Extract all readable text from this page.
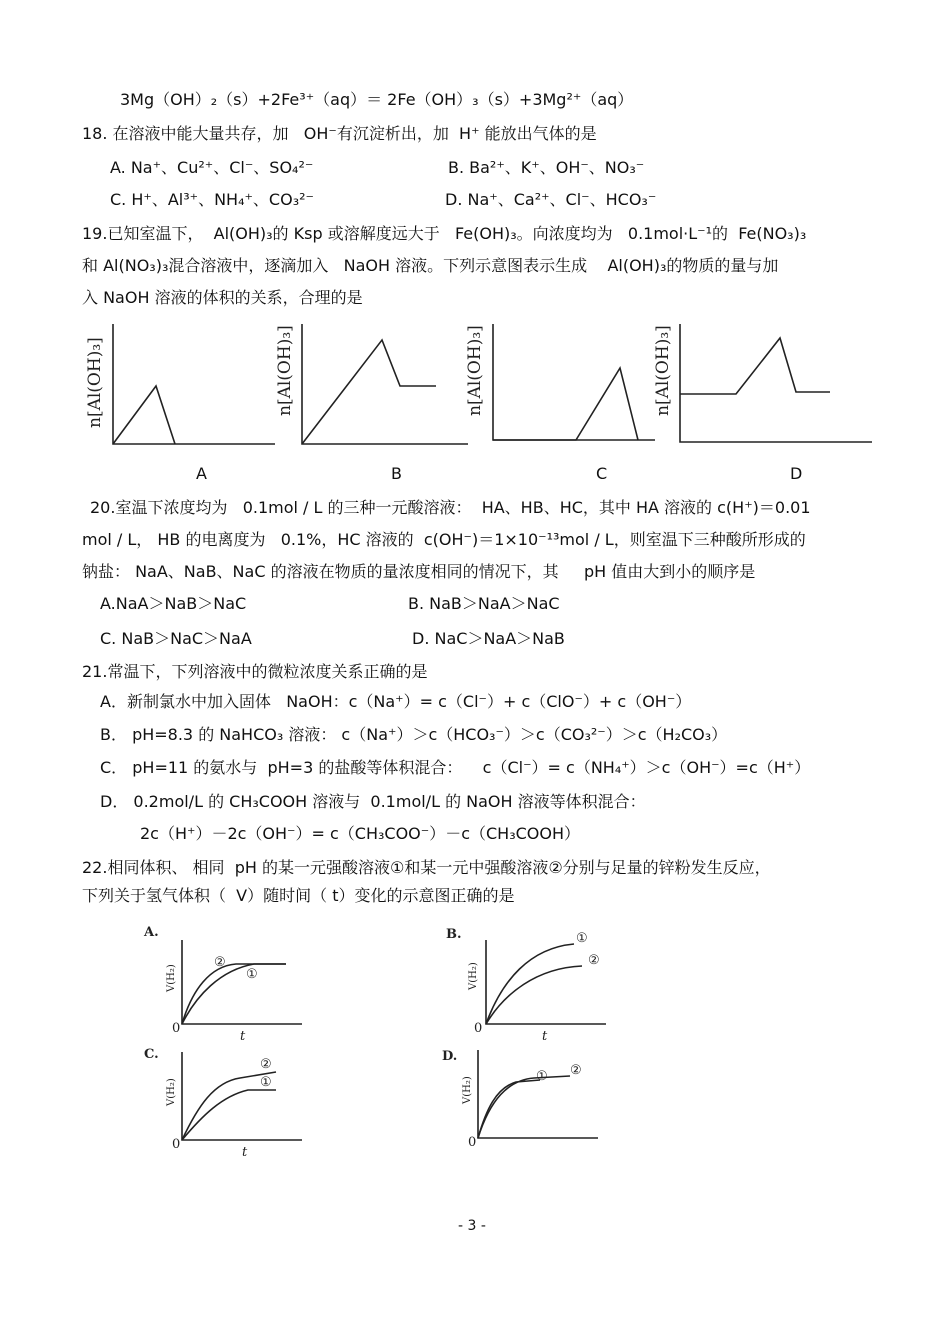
3Mg（OH）₂（s）+2Fe³⁺（aq）＝ 2Fe（OH）₃（s）+3Mg²⁺（aq）
18. 在溶液中能大量共存，加   OH⁻有沉淀析出，加  H⁺ 能放出气体的是
A. Na⁺、Cu²⁺、Cl⁻、SO₄²⁻	B. Ba²⁺、K⁺、OH⁻、NO₃⁻
C. H⁺、Al³⁺、NH₄⁺、CO₃²⁻	D. Na⁺、Ca²⁺、Cl⁻、HCO₃⁻
19.已知室温下，  Al(OH)₃的 Ksp 或溶解度远大于   Fe(OH)₃。向浓度均为   0.1mol·L⁻¹的  Fe(NO₃)₃
和 Al(NO₃)₃混合溶液中，逐滴加入   NaOH 溶液。下列示意图表示生成    Al(OH)₃的物质的量与加
入 NaOH 溶液的体积的关系，合理的是
n[Al(OH)₃]	n[Al(OH)₃]	n[Al(OH)₃]	n[Al(OH)₃]
A	B	C	D
20.室温下浓度均为   0.1mol / L 的三种一元酸溶液：  HA、HB、HC，其中 HA 溶液的 c(H⁺)＝0.01
mol / L， HB 的电离度为   0.1%，HC 溶液的  c(OH⁻)＝1×10⁻¹³mol / L，则室温下三种酸所形成的
钠盐： NaA、NaB、NaC 的溶液在物质的量浓度相同的情况下，其     pH 值由大到小的顺序是
A.NaA＞NaB＞NaC	B. NaB＞NaA＞NaC
C. NaB＞NaC＞NaA	D. NaC＞NaA＞NaB
21.常温下，下列溶液中的微粒浓度关系正确的是
A．新制氯水中加入固体   NaOH：c（Na⁺）= c（Cl⁻）+ c（ClO⁻）+ c（OH⁻）
B． pH=8.3 的 NaHCO₃ 溶液： c（Na⁺）＞c（HCO₃⁻）＞c（CO₃²⁻）＞c（H₂CO₃）
C． pH=11 的氨水与  pH=3 的盐酸等体积混合：    c（Cl⁻）= c（NH₄⁺）＞c（OH⁻）=c（H⁺）
D． 0.2mol/L 的 CH₃COOH 溶液与  0.1mol/L 的 NaOH 溶液等体积混合：
2c（H⁺）－2c（OH⁻）= c（CH₃COO⁻）－c（CH₃COOH）
22.相同体积、 相同  pH 的某一元强酸溶液①和某一元中强酸溶液②分别与足量的锌粉发生反应，
下列关于氢气体积（  V）随时间（ t）变化的示意图正确的是
A.	B.
C.	D.
V(H₂)	V(H₂)
V(H₂)	V(H₂)
0	0
0	0
t	t
t
②
①
①
②
②
①
②
①
- 3 -
